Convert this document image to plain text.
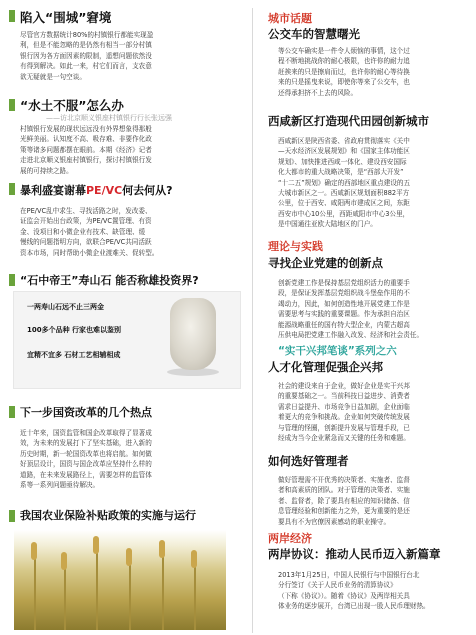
陷入“围城”窘境

尽管官方数据统计80%的村镇银行都能实现盈
利，但是不能忽略的是仍然有相当一部分村镇
银行因为各方面因素的限制，遥想问题依然没
有得到解决。如此一来，村它们而言，支农意
欲无疑就是一句空谈。

“水土不服”怎么办

——访北京顺义银座村镇银行行长张远强

村镇银行发展的现状远远没有外界想象得那般
光鲜美丽。认知度不高、吸存难、非要作化政
策等诸多问题都摆在眼前。本期《经济》记者
走进北京顺义银座村镇银行，探讨村镇银行发
展的可持续之路。

暴利盛宴谢幕PE/VC何去何从?

在PE/VC乱中求生、寻找活路之时，发改委、
证监会开始出台政策，为PE/VC置管理、有资
金、没项目和小微企业有技术、缺管理、缓
慢线的问题指明方向，欲联合PE/VC共同活跃
资本市场，同时帮助小微企业渡难关、促转型。

“石中帝王”寿山石 能否称雄投资界?

一两寿山石远不止三两金

100多个品种 行家也难以鉴别

宜精不宜多 石材工艺相辅相成

下一步国资改革的几个热点

近十年来，国资监管和国企改革取得了显著成
效，为未来的发展打下了坚实基础，进入新的
历史时期，新一轮国资改革也将启航。如何做
好顶层设计，国资与国企改革应坚持什么样的
道路，在未来发展路径上，需要怎样的监管体
系等一系列问题亟待解决。

我国农业保险补贴政策的实施与运行

城市话题

公交车的智慧曙光

等公交车确实是一件令人烦恼的事情，这个过
程不断地挑战你的耐心极限，也许你的耐力追
赶挨来的只是擦肩而过，也许你的耐心等待换
来的只是摇曳来说，即使你等来了公交车，也
还得承担挤不上去的风险。

西咸新区打造现代田园创新城市

西咸新区是陕西省委、省政府贯彻落实《关中
—天水经济区发展规划》和《国家主体功能区
规划》、加快推进西咸一体化、建设西安国际
化大都市的重大战略决策，是“西部大开发”
“十二五”规划》确定的西部地区重点建设的五
大城市新区之一。西咸新区规划面积882平方
公里，位于西安、咸阳两市建成区之间，东距
西安市中心10公里，西距咸阳市中心3公里，
是中国通往亚欧大陆地区的门户。

理论与实践

寻找企业党建的创新点

创新党建工作是保持基层党组织活力的重要手
段，是保证发挥基层党组织战斗堡垒作用的不
竭动力，因此，如何创造性地开展党建工作是
需要思考与实践的重要课题。作为承担自治区
能源战略重任的国有特大型企业，内蒙古超高
压供电局把党建工作融入改发、经济和社会责任。

“实干兴邦笔谈”系列之六

人才化管理促强企兴邦

社会的建设来自于企业，做好企业是实干兴邦
的重要基础之一。当前科技日益进步、消费者
需求日益提升、市场竞争日益加剧，企业面临
着更大的竞争和挑战。企业如何突破传统发展
与管理的怪圈，创新提升发展与管理手段，已
经成为当今企业紧急而又关键的任务和难题。

如何选好管理者

做好管理需不开优秀的决策者、实施者、监督
者和高素质的团队。对于管理的决策者、实施
者、监督者，除了要具有相应的知识储备、信
息管理经验和创新能力之外，更为重要的是还
要具有不为官僚因素感动的职业操守。

两岸经济

两岸协议：推动人民币迈入新篇章

2013年1月25日，中国人民银行与中国银行台北
分行签订《关于人民币业务的清算协议》
（下称《协议》）。随着《协议》及两岸相关具
体业务的逐步展开，台湾已出现一股人民币理财热。
